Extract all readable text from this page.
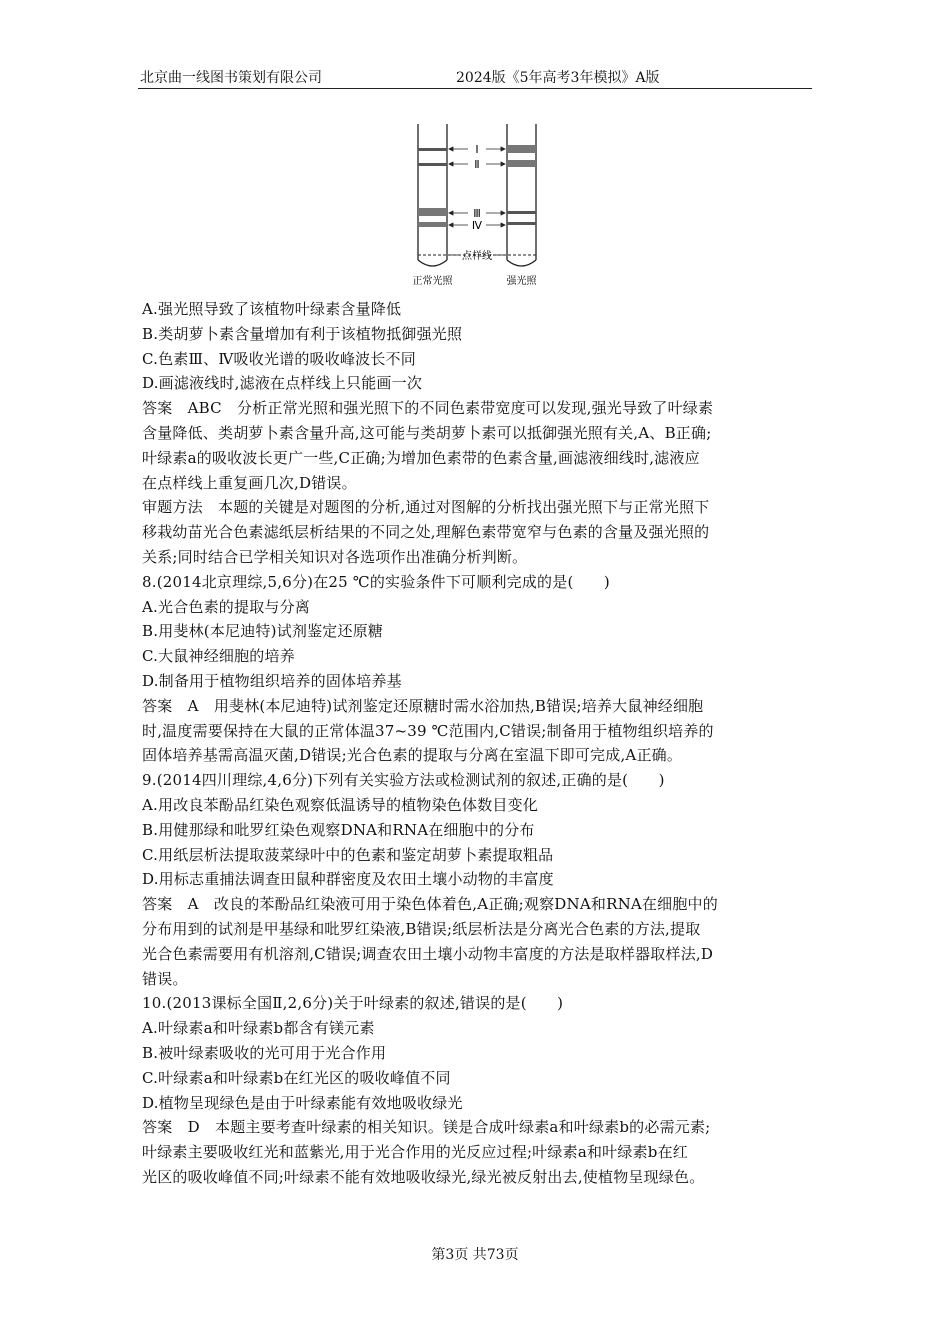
北京曲一线图书策划有限公司	2024版《5年高考3年模拟》A版
Ⅰ
Ⅱ
Ⅲ
Ⅳ
点样线
正常光照	强光照
A.强光照导致了该植物叶绿素含量降低
B.类胡萝卜素含量增加有利于该植物抵御强光照
C.色素Ⅲ、Ⅳ吸收光谱的吸收峰波长不同
D.画滤液线时,滤液在点样线上只能画一次
答案　ABC　分析正常光照和强光照下的不同色素带宽度可以发现,强光导致了叶绿素
含量降低、类胡萝卜素含量升高,这可能与类胡萝卜素可以抵御强光照有关,A、B正确;
叶绿素a的吸收波长更广一些,C正确;为增加色素带的色素含量,画滤液细线时,滤液应
在点样线上重复画几次,D错误。
审题方法　本题的关键是对题图的分析,通过对图解的分析找出强光照下与正常光照下
移栽幼苗光合色素滤纸层析结果的不同之处,理解色素带宽窄与色素的含量及强光照的
关系;同时结合已学相关知识对各选项作出准确分析判断。
8.(2014北京理综,5,6分)在25 ℃的实验条件下可顺利完成的是(　　)
A.光合色素的提取与分离
B.用斐林(本尼迪特)试剂鉴定还原糖
C.大鼠神经细胞的培养
D.制备用于植物组织培养的固体培养基
答案　A　用斐林(本尼迪特)试剂鉴定还原糖时需水浴加热,B错误;培养大鼠神经细胞
时,温度需要保持在大鼠的正常体温37~39 ℃范围内,C错误;制备用于植物组织培养的
固体培养基需高温灭菌,D错误;光合色素的提取与分离在室温下即可完成,A正确。
9.(2014四川理综,4,6分)下列有关实验方法或检测试剂的叙述,正确的是(　　)
A.用改良苯酚品红染色观察低温诱导的植物染色体数目变化
B.用健那绿和吡罗红染色观察DNA和RNA在细胞中的分布
C.用纸层析法提取菠菜绿叶中的色素和鉴定胡萝卜素提取粗品
D.用标志重捕法调查田鼠种群密度及农田土壤小动物的丰富度
答案　A　改良的苯酚品红染液可用于染色体着色,A正确;观察DNA和RNA在细胞中的
分布用到的试剂是甲基绿和吡罗红染液,B错误;纸层析法是分离光合色素的方法,提取
光合色素需要用有机溶剂,C错误;调查农田土壤小动物丰富度的方法是取样器取样法,D
错误。
10.(2013课标全国Ⅱ,2,6分)关于叶绿素的叙述,错误的是(　　)
A.叶绿素a和叶绿素b都含有镁元素
B.被叶绿素吸收的光可用于光合作用
C.叶绿素a和叶绿素b在红光区的吸收峰值不同
D.植物呈现绿色是由于叶绿素能有效地吸收绿光
答案　D　本题主要考查叶绿素的相关知识。镁是合成叶绿素a和叶绿素b的必需元素;
叶绿素主要吸收红光和蓝紫光,用于光合作用的光反应过程;叶绿素a和叶绿素b在红
光区的吸收峰值不同;叶绿素不能有效地吸收绿光,绿光被反射出去,使植物呈现绿色。
第3页 共73页
